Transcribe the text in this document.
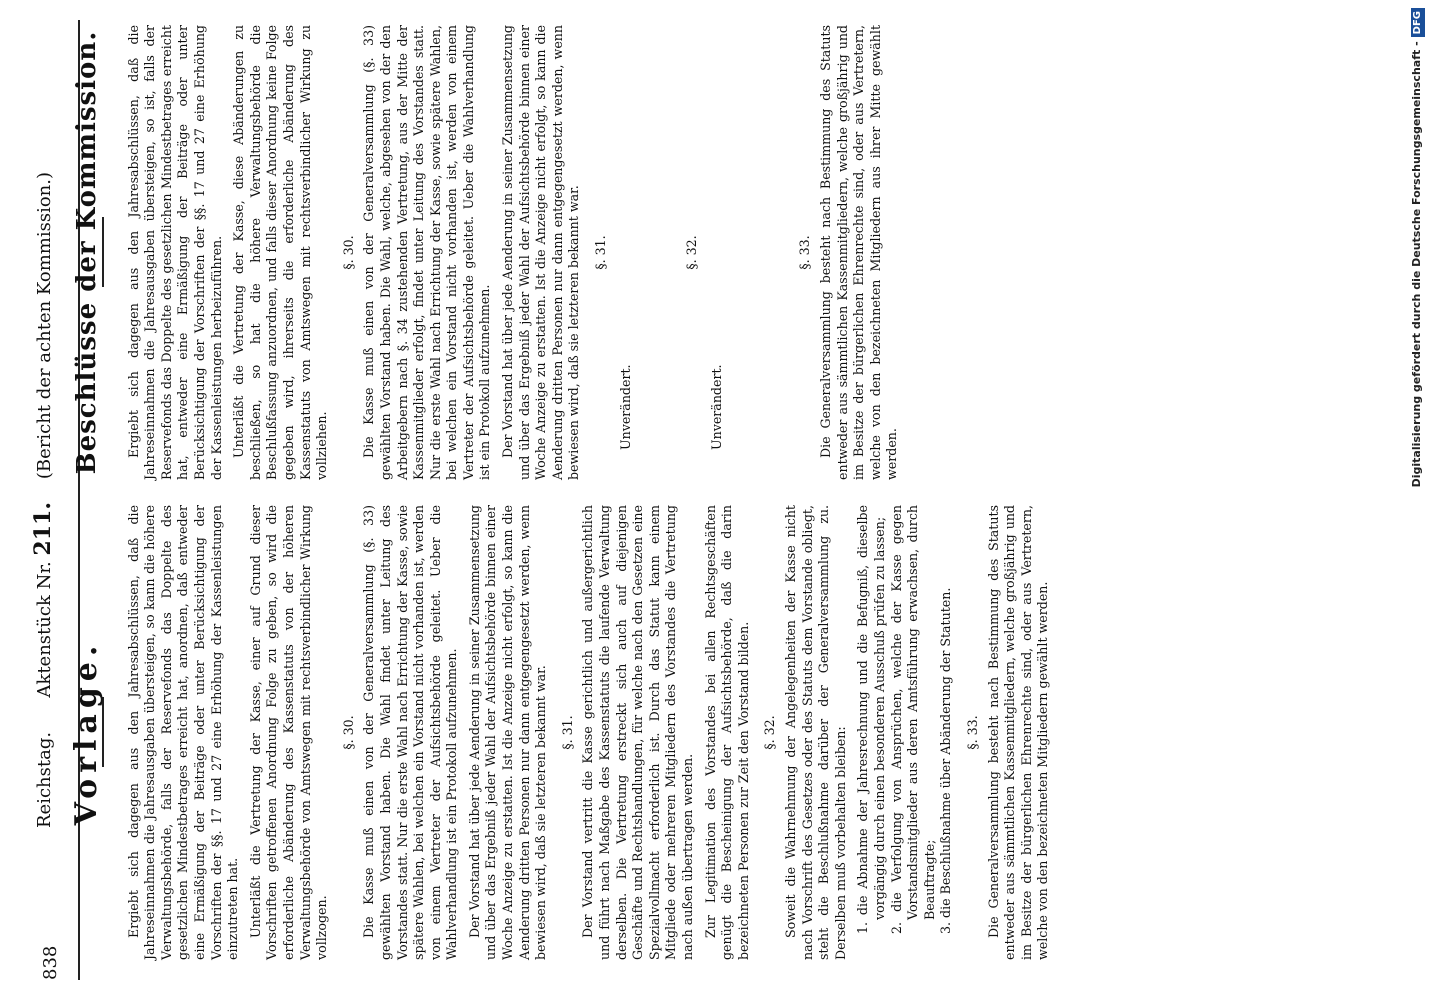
838
Reichstag.      Aktenstück Nr. 211.    (Bericht der achten Kommission.)
Vorlage. Ergiebt sich dagegen aus den Jahresabschlüssen, daß die Jahreseinnahmen die Jahresausgaben übersteigen, so kann die höhere Verwaltungsbehörde, falls der Reservefonds das Doppelte des gesetzlichen Mindestbetrages erreicht hat, anordnen, daß entweder eine Ermäßigung der Beiträge oder unter Berücksichtigung der Vorschriften der §§. 17 und 27 eine Erhöhung der Kassenleistungen einzutreten hat. Unterläßt die Vertretung der Kasse, einer auf Grund dieser Vorschriften getroffenen Anordnung Folge zu geben, so wird die erforderliche Abänderung des Kassenstatuts von der höheren Verwaltungsbehörde von Amtswegen mit rechtsverbindlicher Wirkung vollzogen.

§. 30. Die Kasse muß einen von der Generalversammlung (§. 33) gewählten Vorstand haben. Die Wahl findet unter Leitung des Vorstandes statt. Nur die erste Wahl nach Errichtung der Kasse, sowie spätere Wahlen, bei welchen ein Vorstand nicht vorhanden ist, werden von einem Vertreter der Aufsichtsbehörde geleitet. Ueber die Wahlverhandlung ist ein Protokoll aufzunehmen. Der Vorstand hat über jede Aenderung in seiner Zusammensetzung und über das Ergebniß jeder Wahl der Aufsichtsbehörde binnen einer Woche Anzeige zu erstatten. Ist die Anzeige nicht erfolgt, so kann die Aenderung dritten Personen nur dann entgegengesetzt werden, wenn bewiesen wird, daß sie letzteren bekannt war. §. 31. Der Vorstand vertritt die Kasse gerichtlich und außergerichtlich und führt nach Maßgabe des Kassenstatuts die laufende Verwaltung derselben. Die Vertretung erstreckt sich auch auf diejenigen Geschäfte und Rechtshandlungen, für welche nach den Gesetzen eine Spezialvollmacht erforderlich ist. Durch das Statut kann einem Mitgliede oder mehreren Mitgliedern des Vorstandes die Vertretung nach außen übertragen werden. Zur Legitimation des Vorstandes bei allen Rechtsgeschäften genügt die Bescheinigung der Aufsichtsbehörde, daß die darin bezeichneten Personen zur Zeit den Vorstand bilden. §. 32. Soweit die Wahrnehmung der Angelegenheiten der Kasse nicht nach Vorschrift des Gesetzes oder des Statuts dem Vorstande obliegt, steht die Beschlußnahme darüber der Generalversammlung zu. Derselben muß vorbehalten bleiben: 1. die Abnahme der Jahresrechnung und die Befugniß, dieselbe vorgängig durch einen besonderen Ausschuß prüfen zu lassen; 2. die Verfolgung von Ansprüchen, welche der Kasse gegen Vorstandsmitglieder aus deren Amtsführung erwachsen, durch Beauftragte; 3. die Beschlußnahme über Abänderung der Statuten. §. 33. Die Generalversammlung besteht nach Bestimmung des Statuts entweder aus sämmtlichen Kassenmitgliedern, welche großjährig und im Besitze der bürgerlichen Ehrenrechte sind, oder aus Vertretern, welche von den bezeichneten Mitgliedern gewählt werden.

Beschlüsse der Kommission. Ergiebt sich dagegen aus den Jahresabschlüssen, daß die Jahreseinnahmen die Jahresausgaben übersteigen, so ist, falls der Reservefonds das Doppelte des gesetzlichen Mindestbetrages erreicht hat, entweder eine Ermäßigung der Beiträge oder unter Berücksichtigung der Vorschriften der §§. 17 und 27 eine Erhöhung der Kassenleistungen herbeizuführen. Unterläßt die Vertretung der Kasse, diese Abänderungen zu beschließen, so hat die höhere Verwaltungsbehörde die Beschlußfassung anzuordnen, und falls dieser Anordnung keine Folge gegeben wird, ihrerseits die erforderliche Abänderung des Kassenstatuts von Amtswegen mit rechtsverbindlicher Wirkung zu vollziehen.

§. 30. Die Kasse muß einen von der Generalversammlung (§. 33) gewählten Vorstand haben. Die Wahl, welche, abgesehen von der den Arbeitgebern nach §. 34 zustehenden Vertretung, aus der Mitte der Kassenmitglieder erfolgt, findet unter Leitung des Vorstandes statt. Nur die erste Wahl nach Errichtung der Kasse, sowie spätere Wahlen, bei welchen ein Vorstand nicht vorhanden ist, werden von einem Vertreter der Aufsichtsbehörde geleitet. Ueber die Wahlverhandlung ist ein Protokoll aufzunehmen. Der Vorstand hat über jede Aenderung in seiner Zusammensetzung und über das Ergebniß jeder Wahl der Aufsichtsbehörde binnen einer Woche Anzeige zu erstatten. Ist die Anzeige nicht erfolgt, so kann die Aenderung dritten Personen nur dann entgegengesetzt werden, wenn bewiesen wird, daß sie letzteren bekannt war. §. 31.

Unverändert.

§. 32.

Unverändert.

§. 33. Die Generalversammlung besteht nach Bestimmung des Statuts entweder aus sämmtlichen Kassenmitgliedern, welche großjährig und im Besitze der bürgerlichen Ehrenrechte sind, oder aus Vertretern, welche von den bezeichneten Mitgliedern aus ihrer Mitte gewählt werden.	Digitalisierung gefördert durch die Deutsche Forschungsgemeinschaft -DFG
